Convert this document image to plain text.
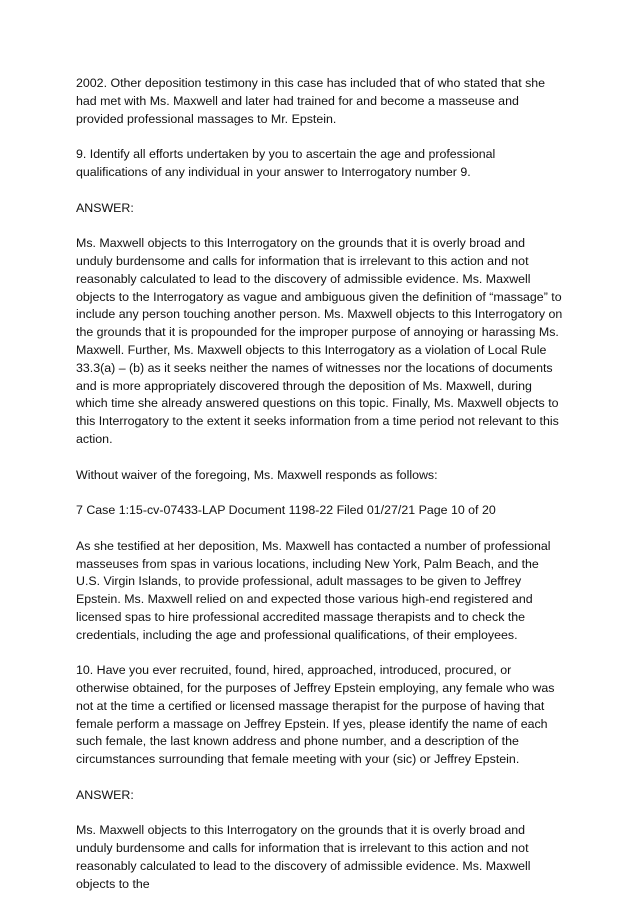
2002. Other deposition testimony in this case has included that of who stated that she had met with Ms. Maxwell and later had trained for and become a masseuse and provided professional massages to Mr. Epstein.

9. Identify all efforts undertaken by you to ascertain the age and professional qualifications of any individual in your answer to Interrogatory number 9.

ANSWER:

Ms. Maxwell objects to this Interrogatory on the grounds that it is overly broad and unduly burdensome and calls for information that is irrelevant to this action and not reasonably calculated to lead to the discovery of admissible evidence. Ms. Maxwell objects to the Interrogatory as vague and ambiguous given the definition of “massage” to include any person touching another person. Ms. Maxwell objects to this Interrogatory on the grounds that it is propounded for the improper purpose of annoying or harassing Ms. Maxwell. Further, Ms. Maxwell objects to this Interrogatory as a violation of Local Rule 33.3(a) – (b) as it seeks neither the names of witnesses nor the locations of documents and is more appropriately discovered through the deposition of Ms. Maxwell, during which time she already answered questions on this topic. Finally, Ms. Maxwell objects to this Interrogatory to the extent it seeks information from a time period not relevant to this action.

Without waiver of the foregoing, Ms. Maxwell responds as follows:

7 Case 1:15-cv-07433-LAP Document 1198-22 Filed 01/27/21 Page 10 of 20

As she testified at her deposition, Ms. Maxwell has contacted a number of professional masseuses from spas in various locations, including New York, Palm Beach, and the U.S. Virgin Islands, to provide professional, adult massages to be given to Jeffrey Epstein. Ms. Maxwell relied on and expected those various high-end registered and licensed spas to hire professional accredited massage therapists and to check the credentials, including the age and professional qualifications, of their employees.

10. Have you ever recruited, found, hired, approached, introduced, procured, or otherwise obtained, for the purposes of Jeffrey Epstein employing, any female who was not at the time a certified or licensed massage therapist for the purpose of having that female perform a massage on Jeffrey Epstein. If yes, please identify the name of each such female, the last known address and phone number, and a description of the circumstances surrounding that female meeting with your (sic) or Jeffrey Epstein.

ANSWER:

Ms. Maxwell objects to this Interrogatory on the grounds that it is overly broad and unduly burdensome and calls for information that is irrelevant to this action and not reasonably calculated to lead to the discovery of admissible evidence. Ms. Maxwell objects to the
